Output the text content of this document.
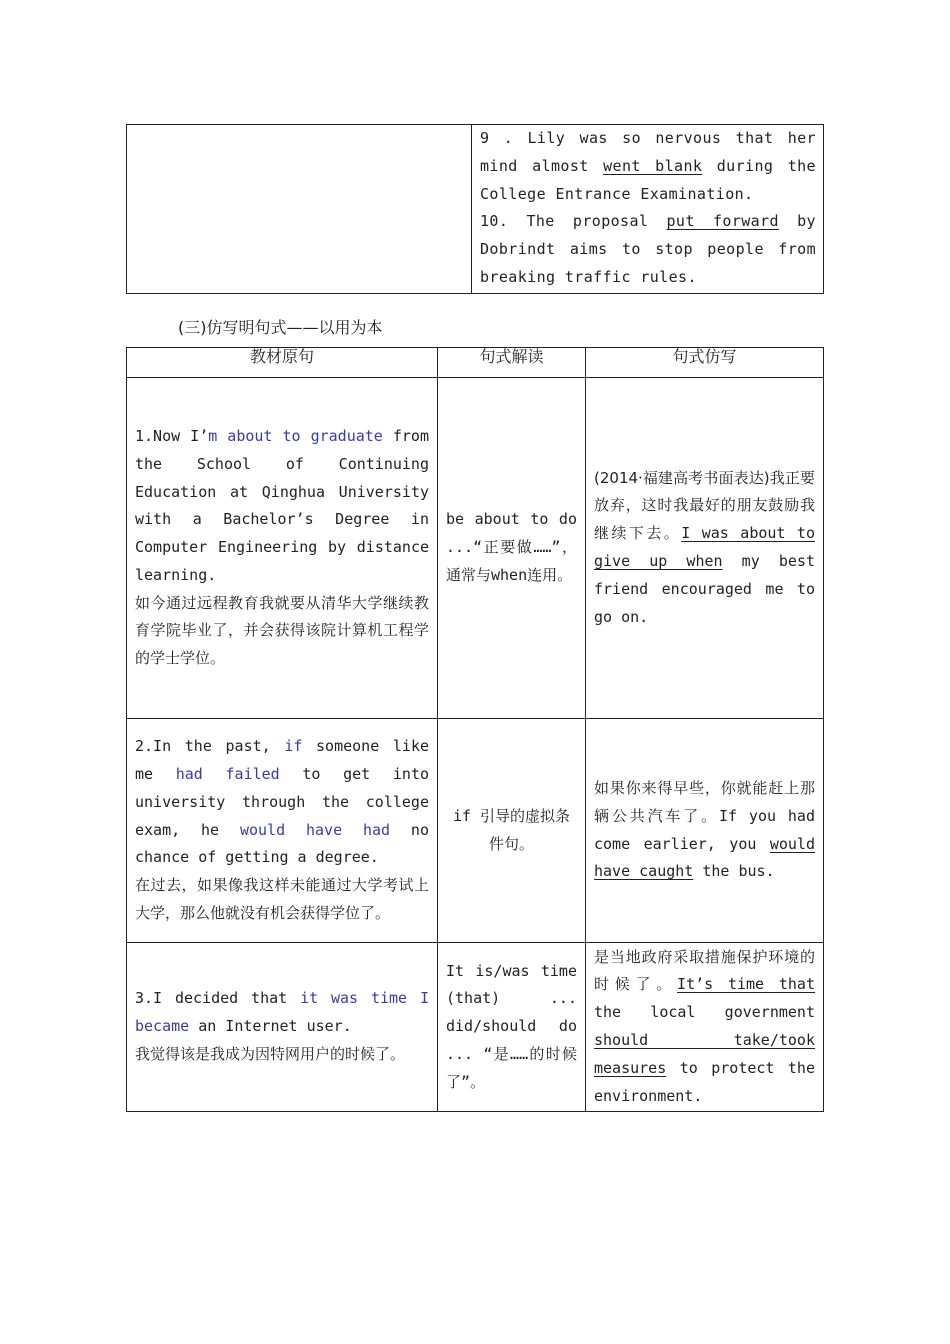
9 . Lily was so nervous that her mind almost went blank during the College Entrance Examination.
10. The proposal put forward by Dobrindt aims to stop people from breaking traffic rules.
(三)仿写明句式——以用为本
教材原句	句式解读	句式仿写

1.Now I’m about to graduate from the School of Continuing Education at Qinghua University with a Bachelor’s Degree in Computer Engineering by distance learning.
如今通过远程教育我就要从清华大学继续教育学院毕业了，并会获得该院计算机工程学的学士学位。	be about to do ...“正要做……”，通常与when连用。	(2014·福建高考书面表达)我正要放弃，这时我最好的朋友鼓励我继续下去。I was about to give up when my best friend encouraged me to go on.

2.In the past, if someone like me had failed to get into university through the college exam, he would have had no chance of getting a degree.
在过去，如果像我这样未能通过大学考试上大学，那么他就没有机会获得学位了。	if 引导的虚拟条件句。	如果你来得早些，你就能赶上那辆公共汽车了。If you had come earlier, you would have caught the bus.

3.I decided that it was time I became an Internet user.
我觉得该是我成为因特网用户的时候了。	It is/was time (that) ... did/should do ... “是……的时候了”。	是当地政府采取措施保护环境的时候了。It’s time that the local government should take/took measures to protect the environment.
